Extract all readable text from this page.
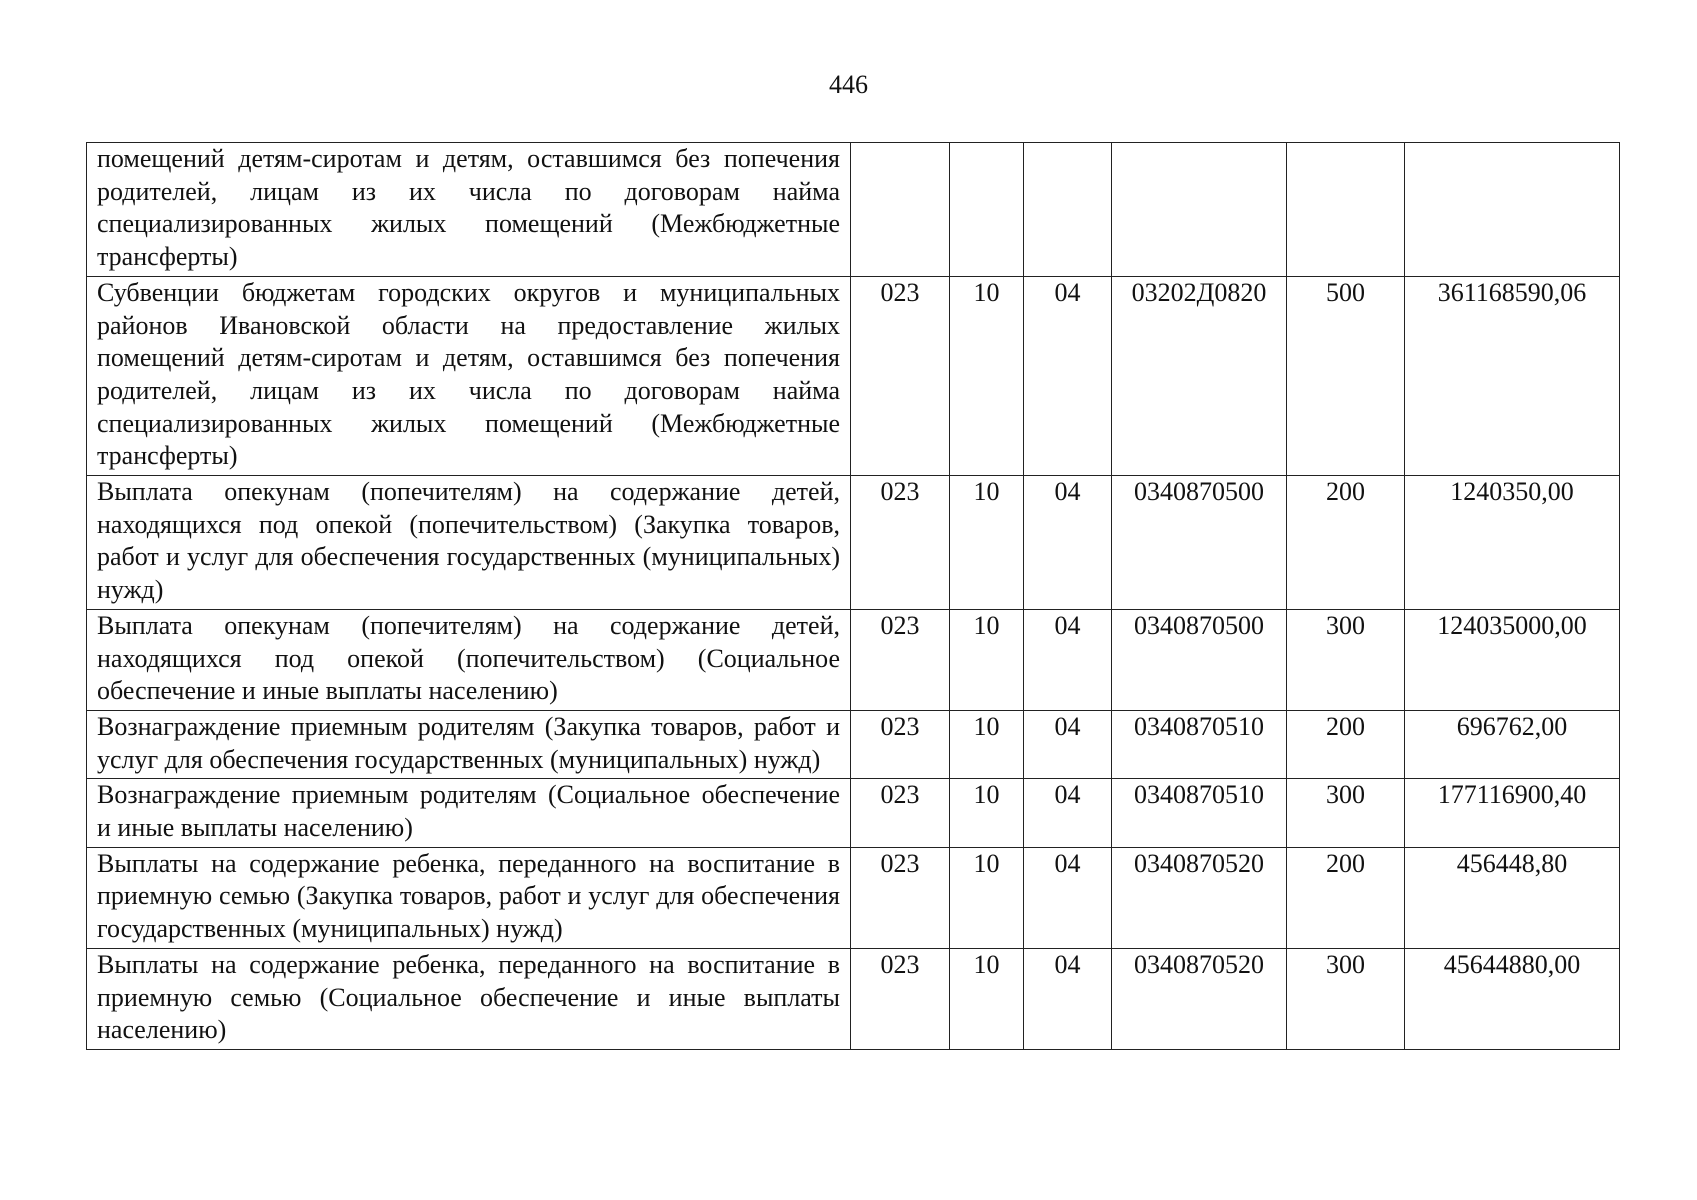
446
помещений детям-сиротам и детям, оставшимся без попечения родителей, лицам из их числа по договорам найма специализированных жилых помещений (Межбюджетные трансферты)						
Субвенции бюджетам городских округов и муниципальных районов Ивановской области на предоставление жилых помещений детям-сиротам и детям, оставшимся без попечения родителей, лицам из их числа по договорам найма специализированных жилых помещений (Межбюджетные трансферты)	023	10	04	03202Д0820	500	361168590,06
Выплата опекунам (попечителям) на содержание детей, находящихся под опекой (попечительством) (Закупка товаров, работ и услуг для обеспечения государственных (муниципальных) нужд)	023	10	04	0340870500	200	1240350,00
Выплата опекунам (попечителям) на содержание детей, находящихся под опекой (попечительством) (Социальное обеспечение и иные выплаты населению)	023	10	04	0340870500	300	124035000,00
Вознаграждение приемным родителям (Закупка товаров, работ и услуг для обеспечения государственных (муниципальных) нужд)	023	10	04	0340870510	200	696762,00
Вознаграждение приемным родителям (Социальное обеспечение и иные выплаты населению)	023	10	04	0340870510	300	177116900,40
Выплаты на содержание ребенка, переданного на воспитание в приемную семью (Закупка товаров, работ и услуг для обеспечения государственных (муниципальных) нужд)	023	10	04	0340870520	200	456448,80
Выплаты на содержание ребенка, переданного на воспитание в приемную семью (Социальное обеспечение и иные выплаты населению)	023	10	04	0340870520	300	45644880,00
